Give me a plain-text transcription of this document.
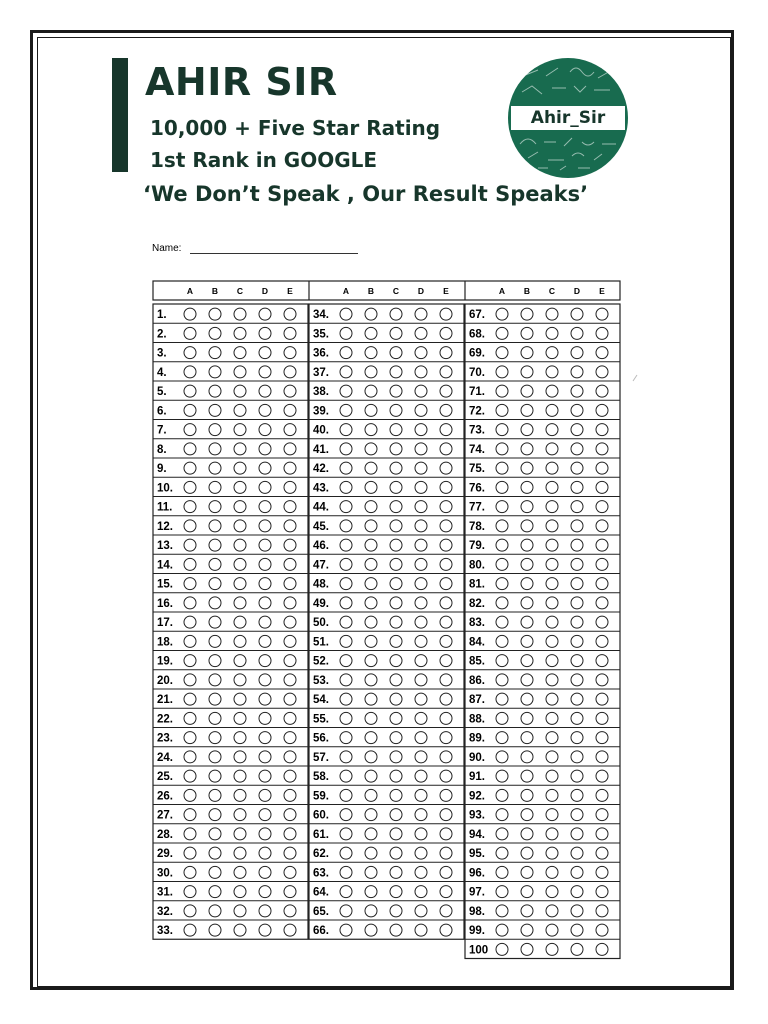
AHIR SIR
10,000 + Five Star Rating
1st Rank in GOOGLE
‘We Don’t Speak , Our Result Speaks’
Ahir_Sir
Name:
A B C D E
1.
2.
3.
4.
5.
6.
7.
8.
9.
10.
11.
12.
13.
14.
15.
16.
17.
18.
19.
20.
21.
22.
23.
24.
25.
26.
27.
28.
29.
30.
31.
32.
33.
A B C D E
34.
35.
36.
37.
38.
39.
40.
41.
42.
43.
44.
45.
46.
47.
48.
49.
50.
51.
52.
53.
54.
55.
56.
57.
58.
59.
60.
61.
62.
63.
64.
65.
66.
A B C D E
67.
68.
69.
70.
71.
72.
73.
74.
75.
76.
77.
78.
79.
80.
81.
82.
83.
84.
85.
86.
87.
88.
89.
90.
91.
92.
93.
94.
95.
96.
97.
98.
99.
100
